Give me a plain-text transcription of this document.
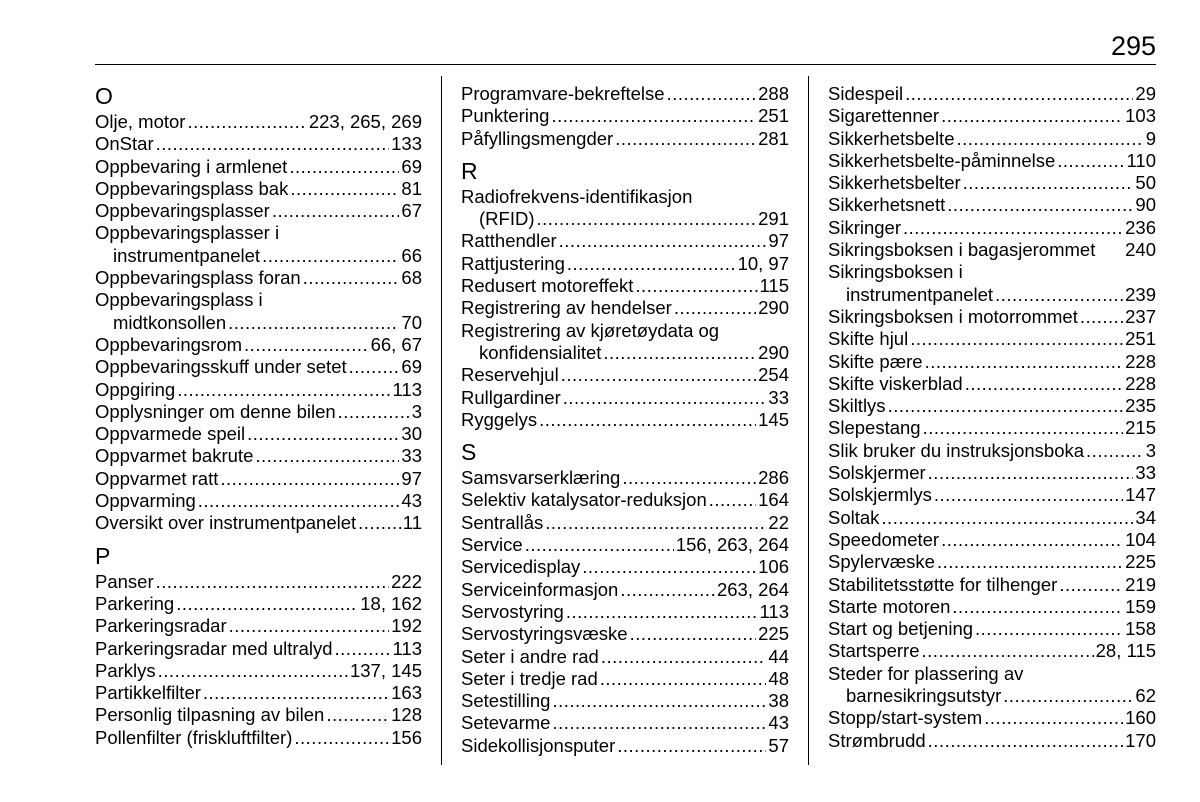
295
O
Olje, motor .....	223, 265, 269
OnStar .....	133
Oppbevaring i armlenet .....	69
Oppbevaringsplass bak .....	81
Oppbevaringsplasser .....	67
Oppbevaringsplasser i
instrumentpanelet .....	66
Oppbevaringsplass foran .....	68
Oppbevaringsplass i
midtkonsollen .....	70
Oppbevaringsrom .....	66, 67
Oppbevaringsskuff under setet .....	69
Oppgiring .....	113
Opplysninger om denne bilen .....	3
Oppvarmede speil .....	30
Oppvarmet bakrute .....	33
Oppvarmet ratt .....	97
Oppvarming .....	43
Oversikt over instrumentpanelet .....	11
P
Panser .....	222
Parkering .....	18, 162
Parkeringsradar .....	192
Parkeringsradar med ultralyd .....	113
Parklys .....	137, 145
Partikkelfilter .....	163
Personlig tilpasning av bilen .....	128
Pollenfilter (friskluftfilter) .....	156
Programvare-bekreftelse .....	288
Punktering .....	251
Påfyllingsmengder .....	281
R
Radiofrekvens-identifikasjon
(RFID) .....	291
Ratthendler .....	97
Rattjustering .....	10, 97
Redusert motoreffekt .....	115
Registrering av hendelser .....	290
Registrering av kjøretøydata og
konfidensialitet .....	290
Reservehjul .....	254
Rullgardiner .....	33
Ryggelys .....	145
S
Samsvarserklæring .....	286
Selektiv katalysator-reduksjon .....	164
Sentrallås .....	22
Service .....	156, 263, 264
Servicedisplay .....	106
Serviceinformasjon .....	263, 264
Servostyring .....	113
Servostyringsvæske .....	225
Seter i andre rad .....	44
Seter i tredje rad .....	48
Setestilling .....	38
Setevarme .....	43
Sidekollisjonsputer .....	57
Sidespeil .....	29
Sigarettenner .....	103
Sikkerhetsbelte .....	9
Sikkerhetsbelte-påminnelse .....	110
Sikkerhetsbelter .....	50
Sikkerhetsnett .....	90
Sikringer .....	236
Sikringsboksen i bagasjerommet 240
Sikringsboksen i
instrumentpanelet .....	239
Sikringsboksen i motorrommet .....	237
Skifte hjul .....	251
Skifte pære .....	228
Skifte viskerblad .....	228
Skiltlys .....	235
Slepestang .....	215
Slik bruker du instruksjonsboka .....	3
Solskjermer .....	33
Solskjermlys .....	147
Soltak .....	34
Speedometer .....	104
Spylervæske .....	225
Stabilitetsstøtte for tilhenger .....	219
Starte motoren .....	159
Start og betjening .....	158
Startsperre .....	28, 115
Steder for plassering av
barnesikringsutstyr .....	62
Stopp/start-system .....	160
Strømbrudd .....	170
